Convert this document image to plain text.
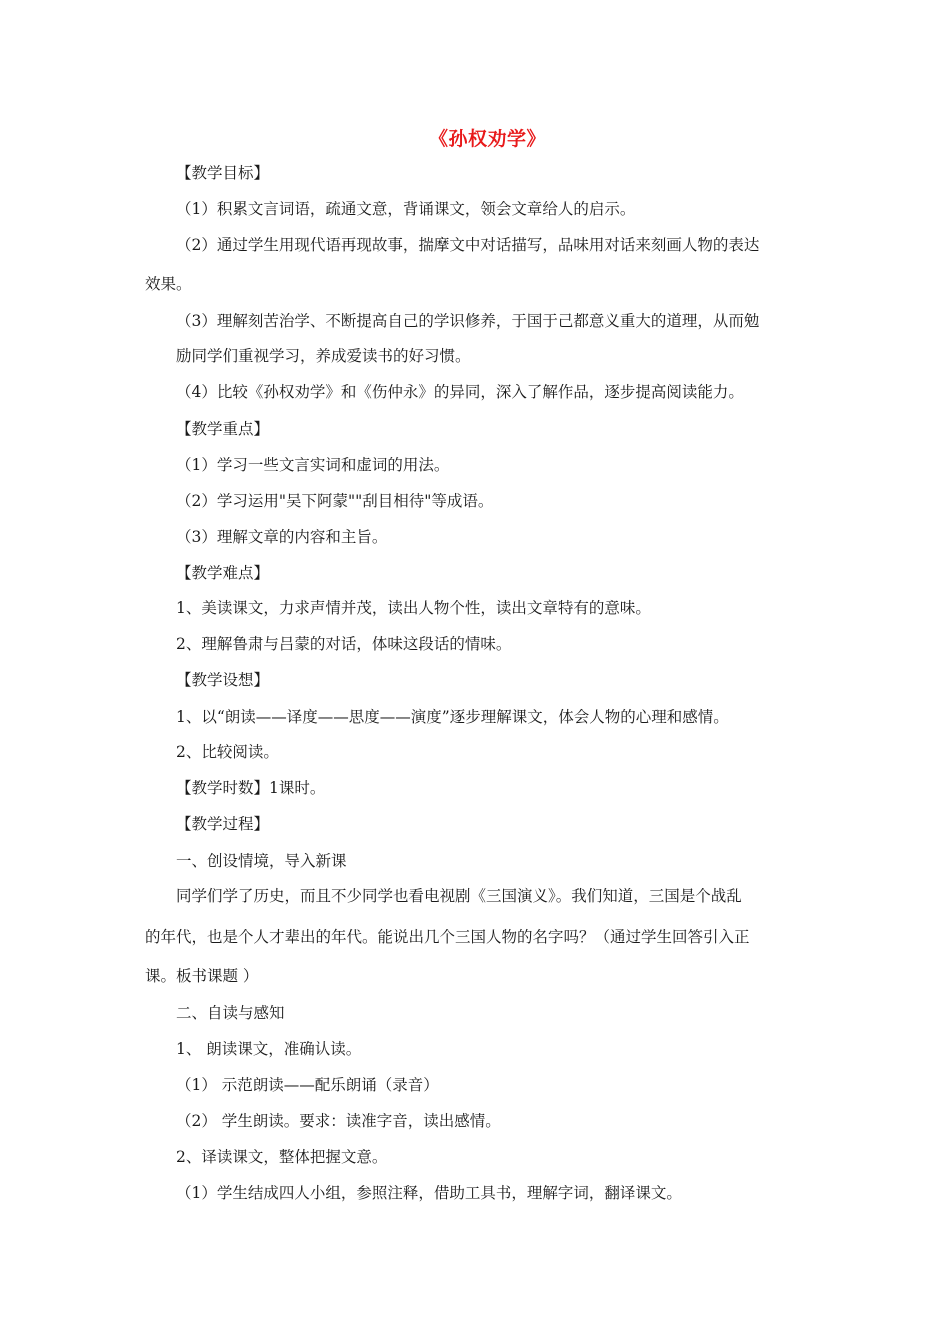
《孙权劝学》
【教学目标】
（1）积累文言词语，疏通文意，背诵课文，领会文章给人的启示。
（2）通过学生用现代语再现故事，揣摩文中对话描写，品味用对话来刻画人物的表达
效果。
（3）理解刻苦治学、不断提高自己的学识修养，于国于己都意义重大的道理，从而勉
励同学们重视学习，养成爱读书的好习惯。
（4）比较《孙权劝学》和《伤仲永》的异同，深入了解作品，逐步提高阅读能力。
【教学重点】
（1）学习一些文言实词和虚词的用法。
（2）学习运用"吴下阿蒙""刮目相待"等成语。
（3）理解文章的内容和主旨。
【教学难点】
1、美读课文，力求声情并茂，读出人物个性，读出文章特有的意味。
2、理解鲁肃与吕蒙的对话，体味这段话的情味。
【教学设想】
1、以“朗读——译度——思度——演度”逐步理解课文，体会人物的心理和感情。
2、比较阅读。
【教学时数】1课时。
【教学过程】
一、创设情境，导入新课
同学们学了历史，而且不少同学也看电视剧《三国演义》。我们知道，三国是个战乱
的年代，也是个人才辈出的年代。能说出几个三国人物的名字吗？（通过学生回答引入正
课。板书课题 ）
二、自读与感知
1、 朗读课文，准确认读。
（1） 示范朗读——配乐朗诵（录音）
（2） 学生朗读。要求：读准字音，读出感情。
2、译读课文，整体把握文意。
（1）学生结成四人小组，参照注释，借助工具书，理解字词，翻译课文。
